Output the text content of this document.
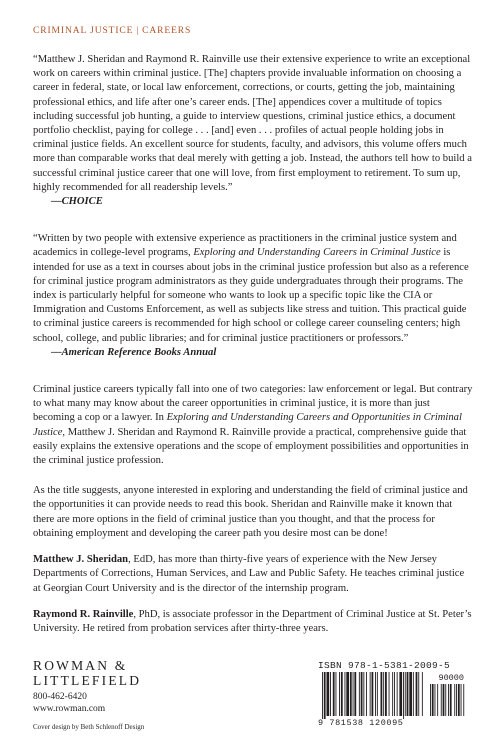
CRIMINAL JUSTICE | CAREERS

“Matthew J. Sheridan and Raymond R. Rainville use their extensive experience to write an exceptional work on careers within criminal justice. [The] chapters provide invaluable information on choosing a career in federal, state, or local law enforcement, corrections, or courts, getting the job, maintaining professional ethics, and life after one’s career ends. [The] appendices cover a multitude of topics including successful job hunting, a guide to interview questions, criminal justice ethics, a document portfolio checklist, paying for college . . . [and] even . . . profiles of actual people holding jobs in criminal justice fields. An excellent source for students, faculty, and advisors, this volume offers much more than comparable works that deal merely with getting a job. Instead, the authors tell how to build a successful criminal justice career that one will love, from first employment to retirement. To sum up, highly recommended for all readership levels.”

—CHOICE

“Written by two people with extensive experience as practitioners in the criminal justice system and academics in college-level programs, Exploring and Understanding Careers in Criminal Justice is intended for use as a text in courses about jobs in the criminal justice profession but also as a reference for criminal justice program administrators as they guide undergraduates through their programs. The index is particularly helpful for someone who wants to look up a specific topic like the CIA or Immigration and Customs Enforcement, as well as subjects like stress and tuition. This practical guide to criminal justice careers is recommended for high school or college career counseling centers; high school, college, and public libraries; and for criminal justice practitioners or professors.”

—American Reference Books Annual

Criminal justice careers typically fall into one of two categories: law enforcement or legal. But contrary to what many may know about the career opportunities in criminal justice, it is more than just becoming a cop or a lawyer. In Exploring and Understanding Careers and Opportunities in Criminal Justice, Matthew J. Sheridan and Raymond R. Rainville provide a practical, comprehensive guide that easily explains the extensive operations and the scope of employment possibilities and opportunities in the criminal justice profession.

As the title suggests, anyone interested in exploring and understanding the field of criminal justice and the opportunities it can provide needs to read this book. Sheridan and Rainville make it known that there are more options in the field of criminal justice than you thought, and that the process for obtaining employment and developing the career path you desire most can be done!

Matthew J. Sheridan, EdD, has more than thirty-five years of experience with the New Jersey Departments of Corrections, Human Services, and Law and Public Safety. He teaches criminal justice at Georgian Court University and is the director of the internship program.

Raymond R. Rainville, PhD, is associate professor in the Department of Criminal Justice at St. Peter’s University. He retired from probation services after thirty-three years.

ROWMAN &

LITTLEFIELD

800-462-6420

www.rowman.com

Cover design by Beth Schlenoff Design
ISBN 978-1-5381-2009-5
90000
9 781538 120095
